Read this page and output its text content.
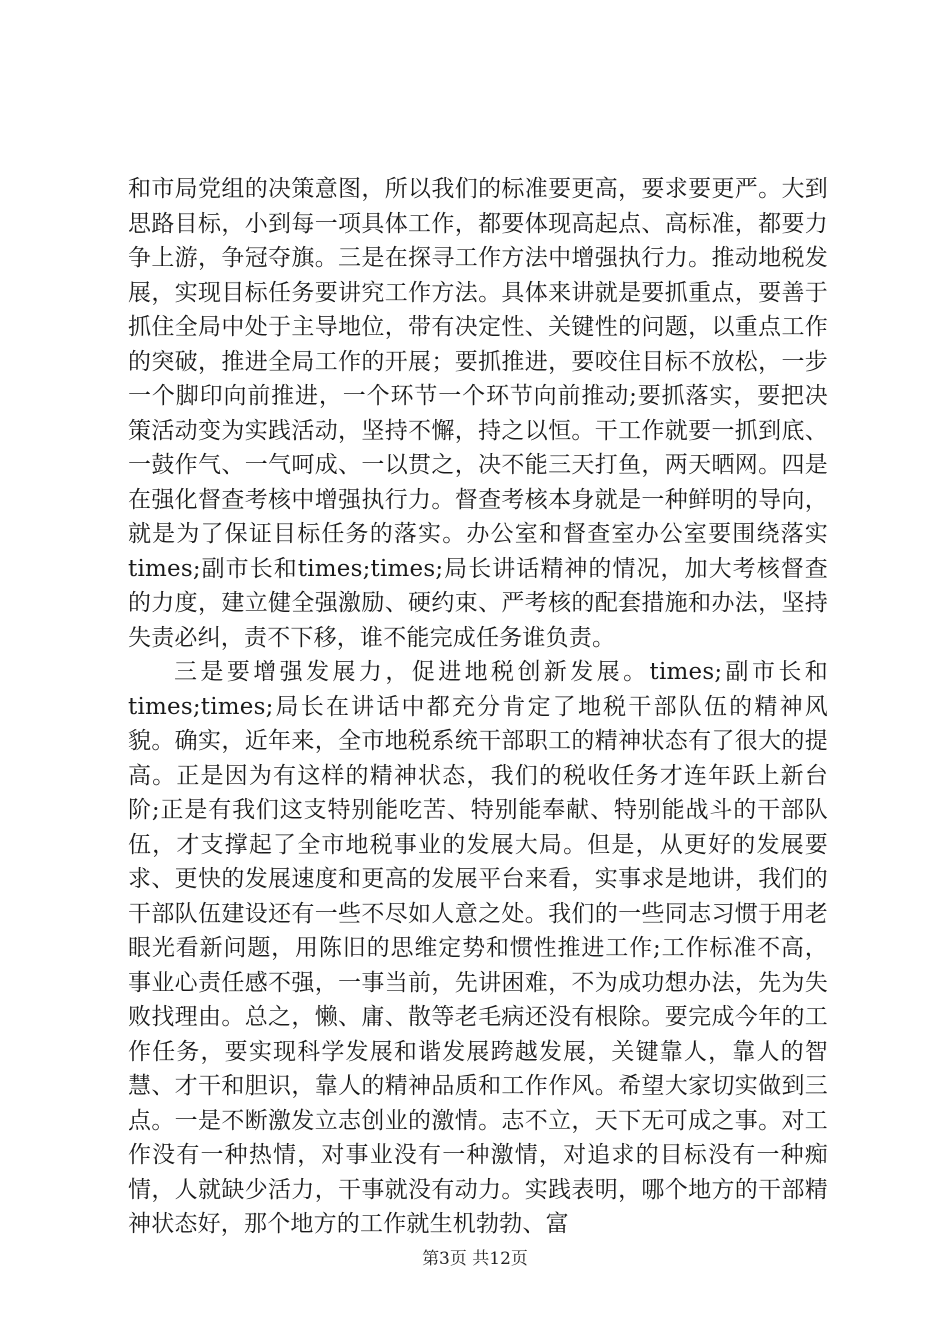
和市局党组的决策意图，所以我们的标准要更高，要求要更严。大到思路目标，小到每一项具体工作，都要体现高起点、高标准，都要力争上游，争冠夺旗。三是在探寻工作方法中增强执行力。推动地税发展，实现目标任务要讲究工作方法。具体来讲就是要抓重点，要善于抓住全局中处于主导地位，带有决定性、关键性的问题，以重点工作的突破，推进全局工作的开展；要抓推进，要咬住目标不放松，一步一个脚印向前推进，一个环节一个环节向前推动;要抓落实，要把决策活动变为实践活动，坚持不懈，持之以恒。干工作就要一抓到底、一鼓作气、一气呵成、一以贯之，决不能三天打鱼，两天晒网。四是在强化督查考核中增强执行力。督查考核本身就是一种鲜明的导向，就是为了保证目标任务的落实。办公室和督查室办公室要围绕落实times;副市长和times;times;局长讲话精神的情况，加大考核督查的力度，建立健全强激励、硬约束、严考核的配套措施和办法，坚持失责必纠，责不下移，谁不能完成任务谁负责。

三是要增强发展力，促进地税创新发展。times;副市长和times;times;局长在讲话中都充分肯定了地税干部队伍的精神风貌。确实，近年来，全市地税系统干部职工的精神状态有了很大的提高。正是因为有这样的精神状态，我们的税收任务才连年跃上新台阶;正是有我们这支特别能吃苦、特别能奉献、特别能战斗的干部队伍，才支撑起了全市地税事业的发展大局。但是，从更好的发展要求、更快的发展速度和更高的发展平台来看，实事求是地讲，我们的干部队伍建设还有一些不尽如人意之处。我们的一些同志习惯于用老眼光看新问题，用陈旧的思维定势和惯性推进工作;工作标准不高，事业心责任感不强，一事当前，先讲困难，不为成功想办法，先为失败找理由。总之，懒、庸、散等老毛病还没有根除。要完成今年的工作任务，要实现科学发展和谐发展跨越发展，关键靠人，靠人的智慧、才干和胆识，靠人的精神品质和工作作风。希望大家切实做到三点。一是不断激发立志创业的激情。志不立，天下无可成之事。对工作没有一种热情，对事业没有一种激情，对追求的目标没有一种痴情，人就缺少活力，干事就没有动力。实践表明，哪个地方的干部精神状态好，那个地方的工作就生机勃勃、富

第3页 共12页
